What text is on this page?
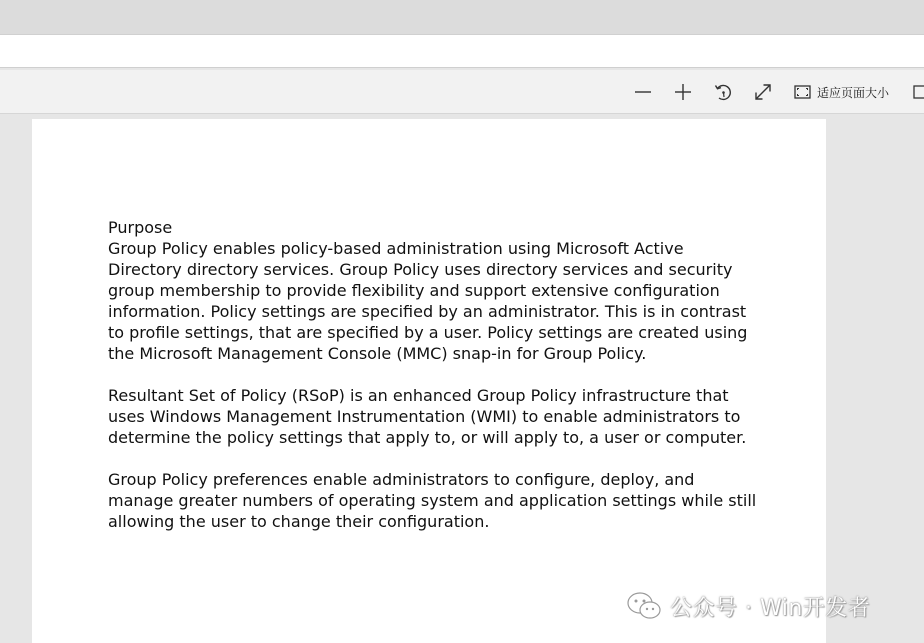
适应页面大小

Purpose

Group Policy enables policy-based administration using Microsoft Active Directory directory services. Group Policy uses directory services and security group membership to provide flexibility and support extensive configuration information. Policy settings are specified by an administrator. This is in contrast to profile settings, that are specified by a user. Policy settings are created using the Microsoft Management Console (MMC) snap-in for Group Policy.

Resultant Set of Policy (RSoP) is an enhanced Group Policy infrastructure that uses Windows Management Instrumentation (WMI) to enable administrators to determine the policy settings that apply to, or will apply to, a user or computer.

Group Policy preferences enable administrators to configure, deploy, and manage greater numbers of operating system and application settings while still allowing the user to change their configuration.

公众号 · Win开发者
